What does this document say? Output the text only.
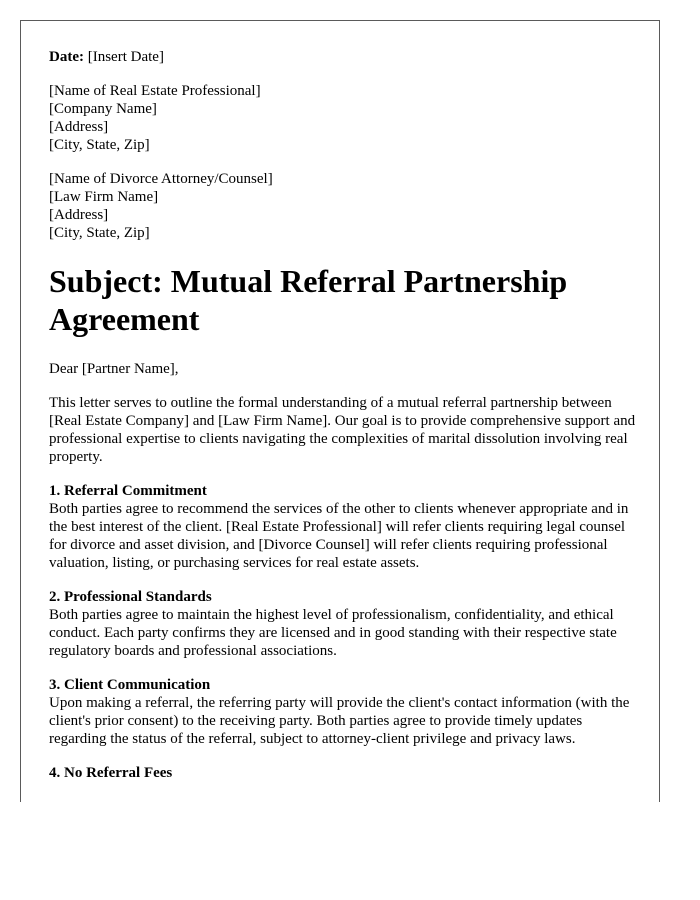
Date: [Insert Date]

[Name of Real Estate Professional]

[Company Name]

[Address]

[City, State, Zip]

[Name of Divorce Attorney/Counsel]

[Law Firm Name]

[Address]

[City, State, Zip]

Subject: Mutual Referral Partnership Agreement

Dear [Partner Name],

This letter serves to outline the formal understanding of a mutual referral partnership between [Real Estate Company] and [Law Firm Name]. Our goal is to provide comprehensive support and professional expertise to clients navigating the complexities of marital dissolution involving real property.

1. Referral Commitment

Both parties agree to recommend the services of the other to clients whenever appropriate and in the best interest of the client. [Real Estate Professional] will refer clients requiring legal counsel for divorce and asset division, and [Divorce Counsel] will refer clients requiring professional valuation, listing, or purchasing services for real estate assets.

2. Professional Standards

Both parties agree to maintain the highest level of professionalism, confidentiality, and ethical conduct. Each party confirms they are licensed and in good standing with their respective state regulatory boards and professional associations.

3. Client Communication

Upon making a referral, the referring party will provide the client's contact information (with the client's prior consent) to the receiving party. Both parties agree to provide timely updates regarding the status of the referral, subject to attorney-client privilege and privacy laws.

4. No Referral Fees
